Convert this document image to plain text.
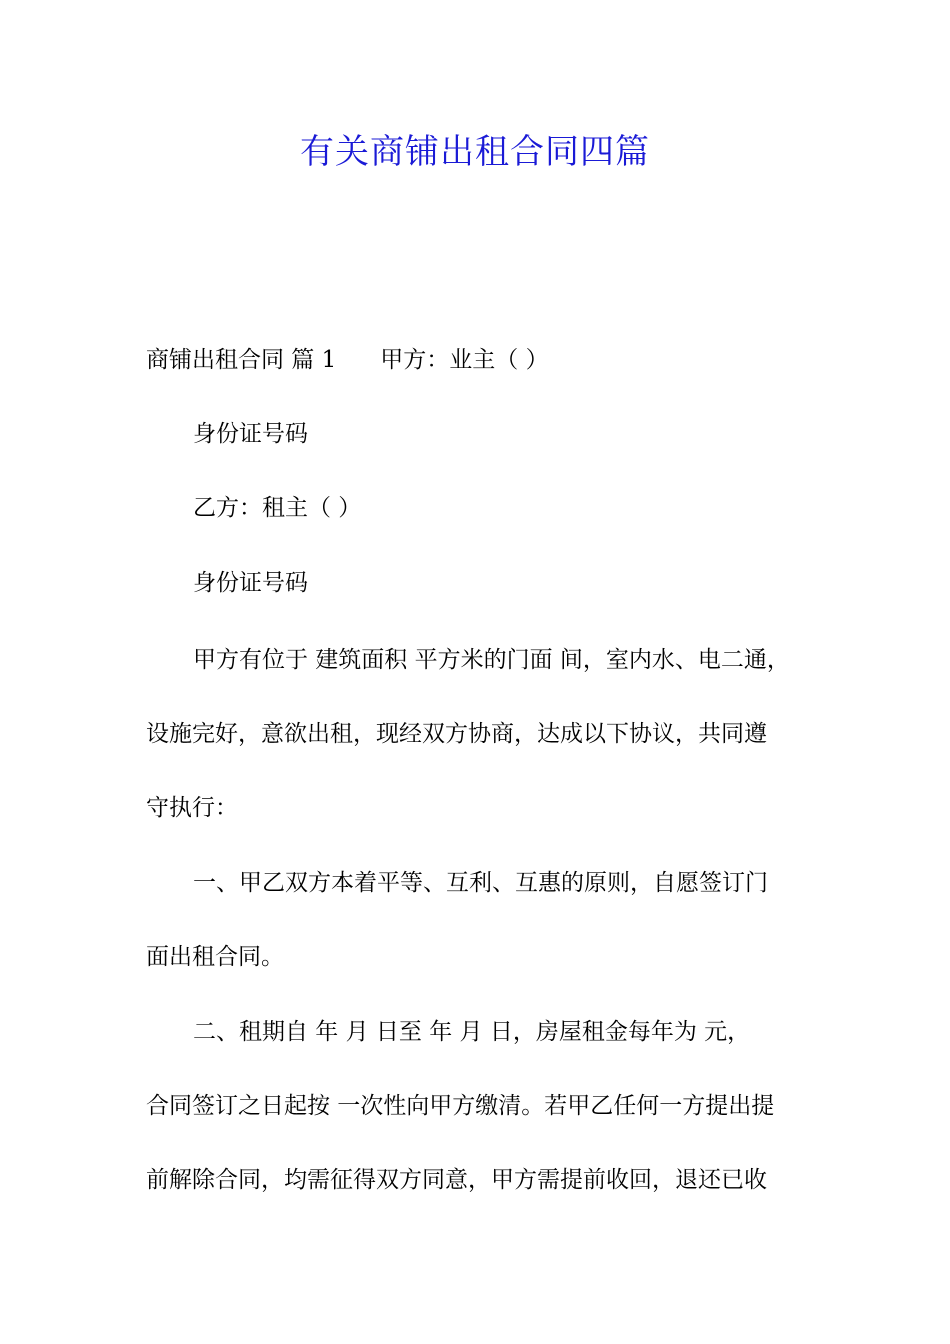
有关商铺出租合同四篇
商铺出租合同 篇 1 甲方：业主（ ）
身份证号码
乙方：租主（ ）
身份证号码
甲方有位于 建筑面积 平方米的门面 间，室内水、电二通，
设施完好，意欲出租，现经双方协商，达成以下协议，共同遵
守执行：
一、甲乙双方本着平等、互利、互惠的原则，自愿签订门
面出租合同。
二、租期自 年 月 日至 年 月 日，房屋租金每年为 元，
合同签订之日起按 一次性向甲方缴清。若甲乙任何一方提出提
前解除合同，均需征得双方同意，甲方需提前收回，退还已收
